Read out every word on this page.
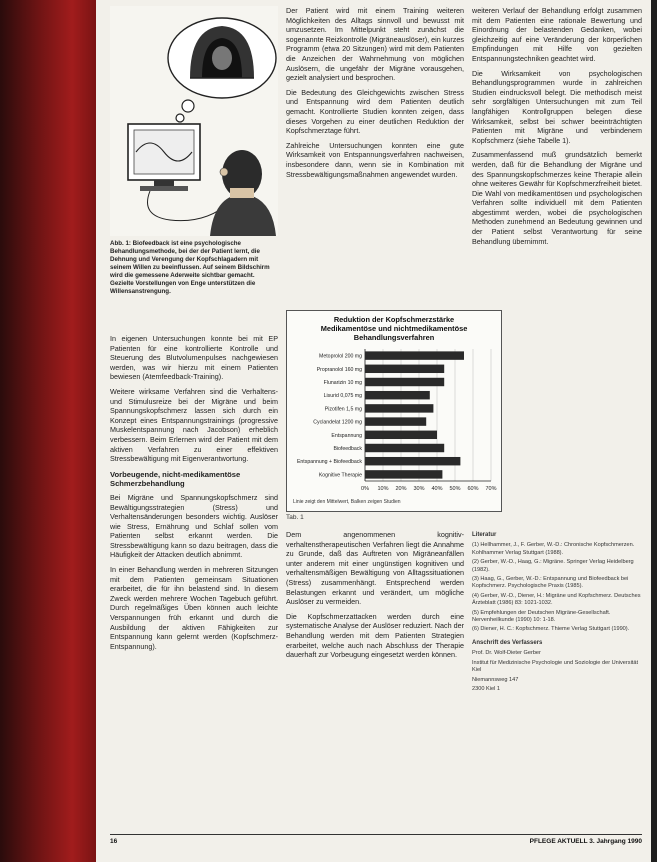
Abb. 1: Biofeedback ist eine psychologische Behandlungsmethode, bei der der Patient lernt, die Dehnung und Verengung der Kopfschlagadern mit seinem Willen zu beeinflussen. Auf seinem Bildschirm wird die gemessene Aderweite sichtbar gemacht. Gezielte Vorstellungen von Enge unterstützen die Willensanstrengung.

In eigenen Untersuchungen konnte bei mit EP Patienten für eine kontrollierte Kontrolle und Steuerung des Blutvolumenpulses nachgewiesen werden, was wir hierzu mit einem Patienten bewiesen (Atemfeedback-Training).

Weitere wirksame Verfahren sind die Verhaltens- und Stimulusreize bei der Migräne und beim Spannungskopfschmerz lassen sich durch ein Konzept eines Entspannungstrainings (progressive Muskelentspannung nach Jacobson) erheblich verbessern. Beim Erlernen wird der Patient mit dem aktiven Verfahren zu einer effektiven Stressbewältigung mit Eigenverantwortung.

Vorbeugende, nicht-medikamentöse Schmerzbehandlung

Bei Migräne und Spannungskopfschmerz sind Bewältigungsstrategien (Stress) und Verhaltensänderungen besonders wichtig. Auslöser wie Stress, Ernährung und Schlaf sollen vom Patienten selbst erkannt werden. Die Stressbewältigung kann so dazu beitragen, dass die Häufigkeit der Attacken deutlich abnimmt.

In einer Behandlung werden in mehreren Sitzungen mit dem Patienten gemeinsam Situationen erarbeitet, die für ihn belastend sind. In diesem Zweck werden mehrere Wochen Tagebuch geführt. Durch regelmäßiges Üben können auch leichte Verspannungen früh erkannt und durch die Ausbildung der aktiven Fähigkeiten zur Entspannung kann gelernt werden (Kopfschmerz-Entspannung).

Der Patient wird mit einem Training weiteren Möglichkeiten des Alltags sinnvoll und bewusst mit umzusetzen. Im Mittelpunkt steht zunächst die sogenannte Reizkontrolle (Migräneauslöser), ein kurzes Programm (etwa 20 Sitzungen) wird mit dem Patienten die Anzeichen der Wahrnehmung von möglichen Auslösern, die ungefähr der Migräne vorausgehen, gezielt analysiert und besprochen.

Die Bedeutung des Gleichgewichts zwischen Stress und Entspannung wird dem Patienten deutlich gemacht. Kontrollierte Studien konnten zeigen, dass dieses Vorgehen zu einer deutlichen Reduktion der Kopfschmerztage führt.

Zahlreiche Untersuchungen konnten eine gute Wirksamkeit von Entspannungsverfahren nachweisen, insbesondere dann, wenn sie in Kombination mit Stressbewältigungsmaßnahmen angewendet wurden.

Reduktion der Kopfschmerzstärke
Medikamentöse und nichtmedikamentöse
Behandlungsverfahren
0% 10% 20% 30% 40% 50% 60% 70%
Metoprolol 200 mg
Propranolol 160 mg
Flunarizin 10 mg
Lisurid 0,075 mg
Pizotifen 1,5 mg
Cyclandelat 1200 mg
Entspannung
Biofeedback
Entspannung + Biofeedback
Kognitive Therapie
Linie zeigt den Mittelwert, Balken zeigen Studien
Tab. 1

Dem angenommenen kognitiv-verhaltenstherapeutischen Verfahren liegt die Annahme zu Grunde, daß das Auftreten von Migräneanfällen unter anderem mit einer ungünstigen kognitiven und verhaltensmäßigen Bewältigung von Alltagssituationen (Stress) zusammenhängt. Entsprechend werden Belastungen erkannt und verändert, um mögliche Auslöser zu vermeiden.

Die Kopfschmerzattacken werden durch eine systematische Analyse der Auslöser reduziert. Nach der Behandlung werden mit dem Patienten Strategien erarbeitet, welche auch nach Abschluss der Therapie dauerhaft zur Vorbeugung eingesetzt werden können.

weiteren Verlauf der Behandlung erfolgt zusammen mit dem Patienten eine rationale Bewertung und Einordnung der belastenden Gedanken, wobei gleichzeitig auf eine Veränderung der körperlichen Empfindungen mit Hilfe von gezielten Entspannungstechniken geachtet wird.

Die Wirksamkeit von psychologischen Behandlungsprogrammen wurde in zahlreichen Studien eindrucksvoll belegt. Die methodisch meist sehr sorgfältigen Untersuchungen mit zum Teil langfähigen Kontrollgruppen belegen diese Wirksamkeit, selbst bei schwer beeinträchtigten Patienten mit Migräne und verbindenem Kopfschmerz (siehe Tabelle 1).

Zusammenfassend muß grundsätzlich bemerkt werden, daß für die Behandlung der Migräne und des Spannungskopfschmerzes keine Therapie allein ohne weiteres Gewähr für Kopfschmerzfreiheit bietet. Die Wahl von medikamentösen und psychologischen Verfahren sollte individuell mit dem Patienten abgestimmt werden, wobei die psychologischen Methoden zunehmend an Bedeutung gewinnen und der Patient selbst Verantwortung für seine Behandlung übernimmt.

Literatur

(1) Hellhammer, J., F. Gerber, W.-D.: Chronische Kopfschmerzen. Kohlhammer Verlag Stuttgart (1988).

(2) Gerber, W.-D., Haag, G.: Migräne. Springer Verlag Heidelberg (1982).

(3) Haag, G., Gerber, W.-D.: Entspannung und Biofeedback bei Kopfschmerz. Psychologische Praxis (1985).

(4) Gerber, W.-D., Diener, H.: Migräne und Kopfschmerz. Deutsches Ärzteblatt (1986) 83: 1021-1032.

(5) Empfehlungen der Deutschen Migräne-Gesellschaft. Nervenheilkunde (1990) 10: 1-18.

(6) Diener, H. C.: Kopfschmerz. Thieme Verlag Stuttgart (1990).

Anschrift des Verfassers

Prof. Dr. Wolf-Dieter Gerber

Institut für Medizinische Psychologie und Soziologie der Universität Kiel

Niemannsweg 147

2300 Kiel 1

16	PFLEGE AKTUELL 3. Jahrgang 1990
